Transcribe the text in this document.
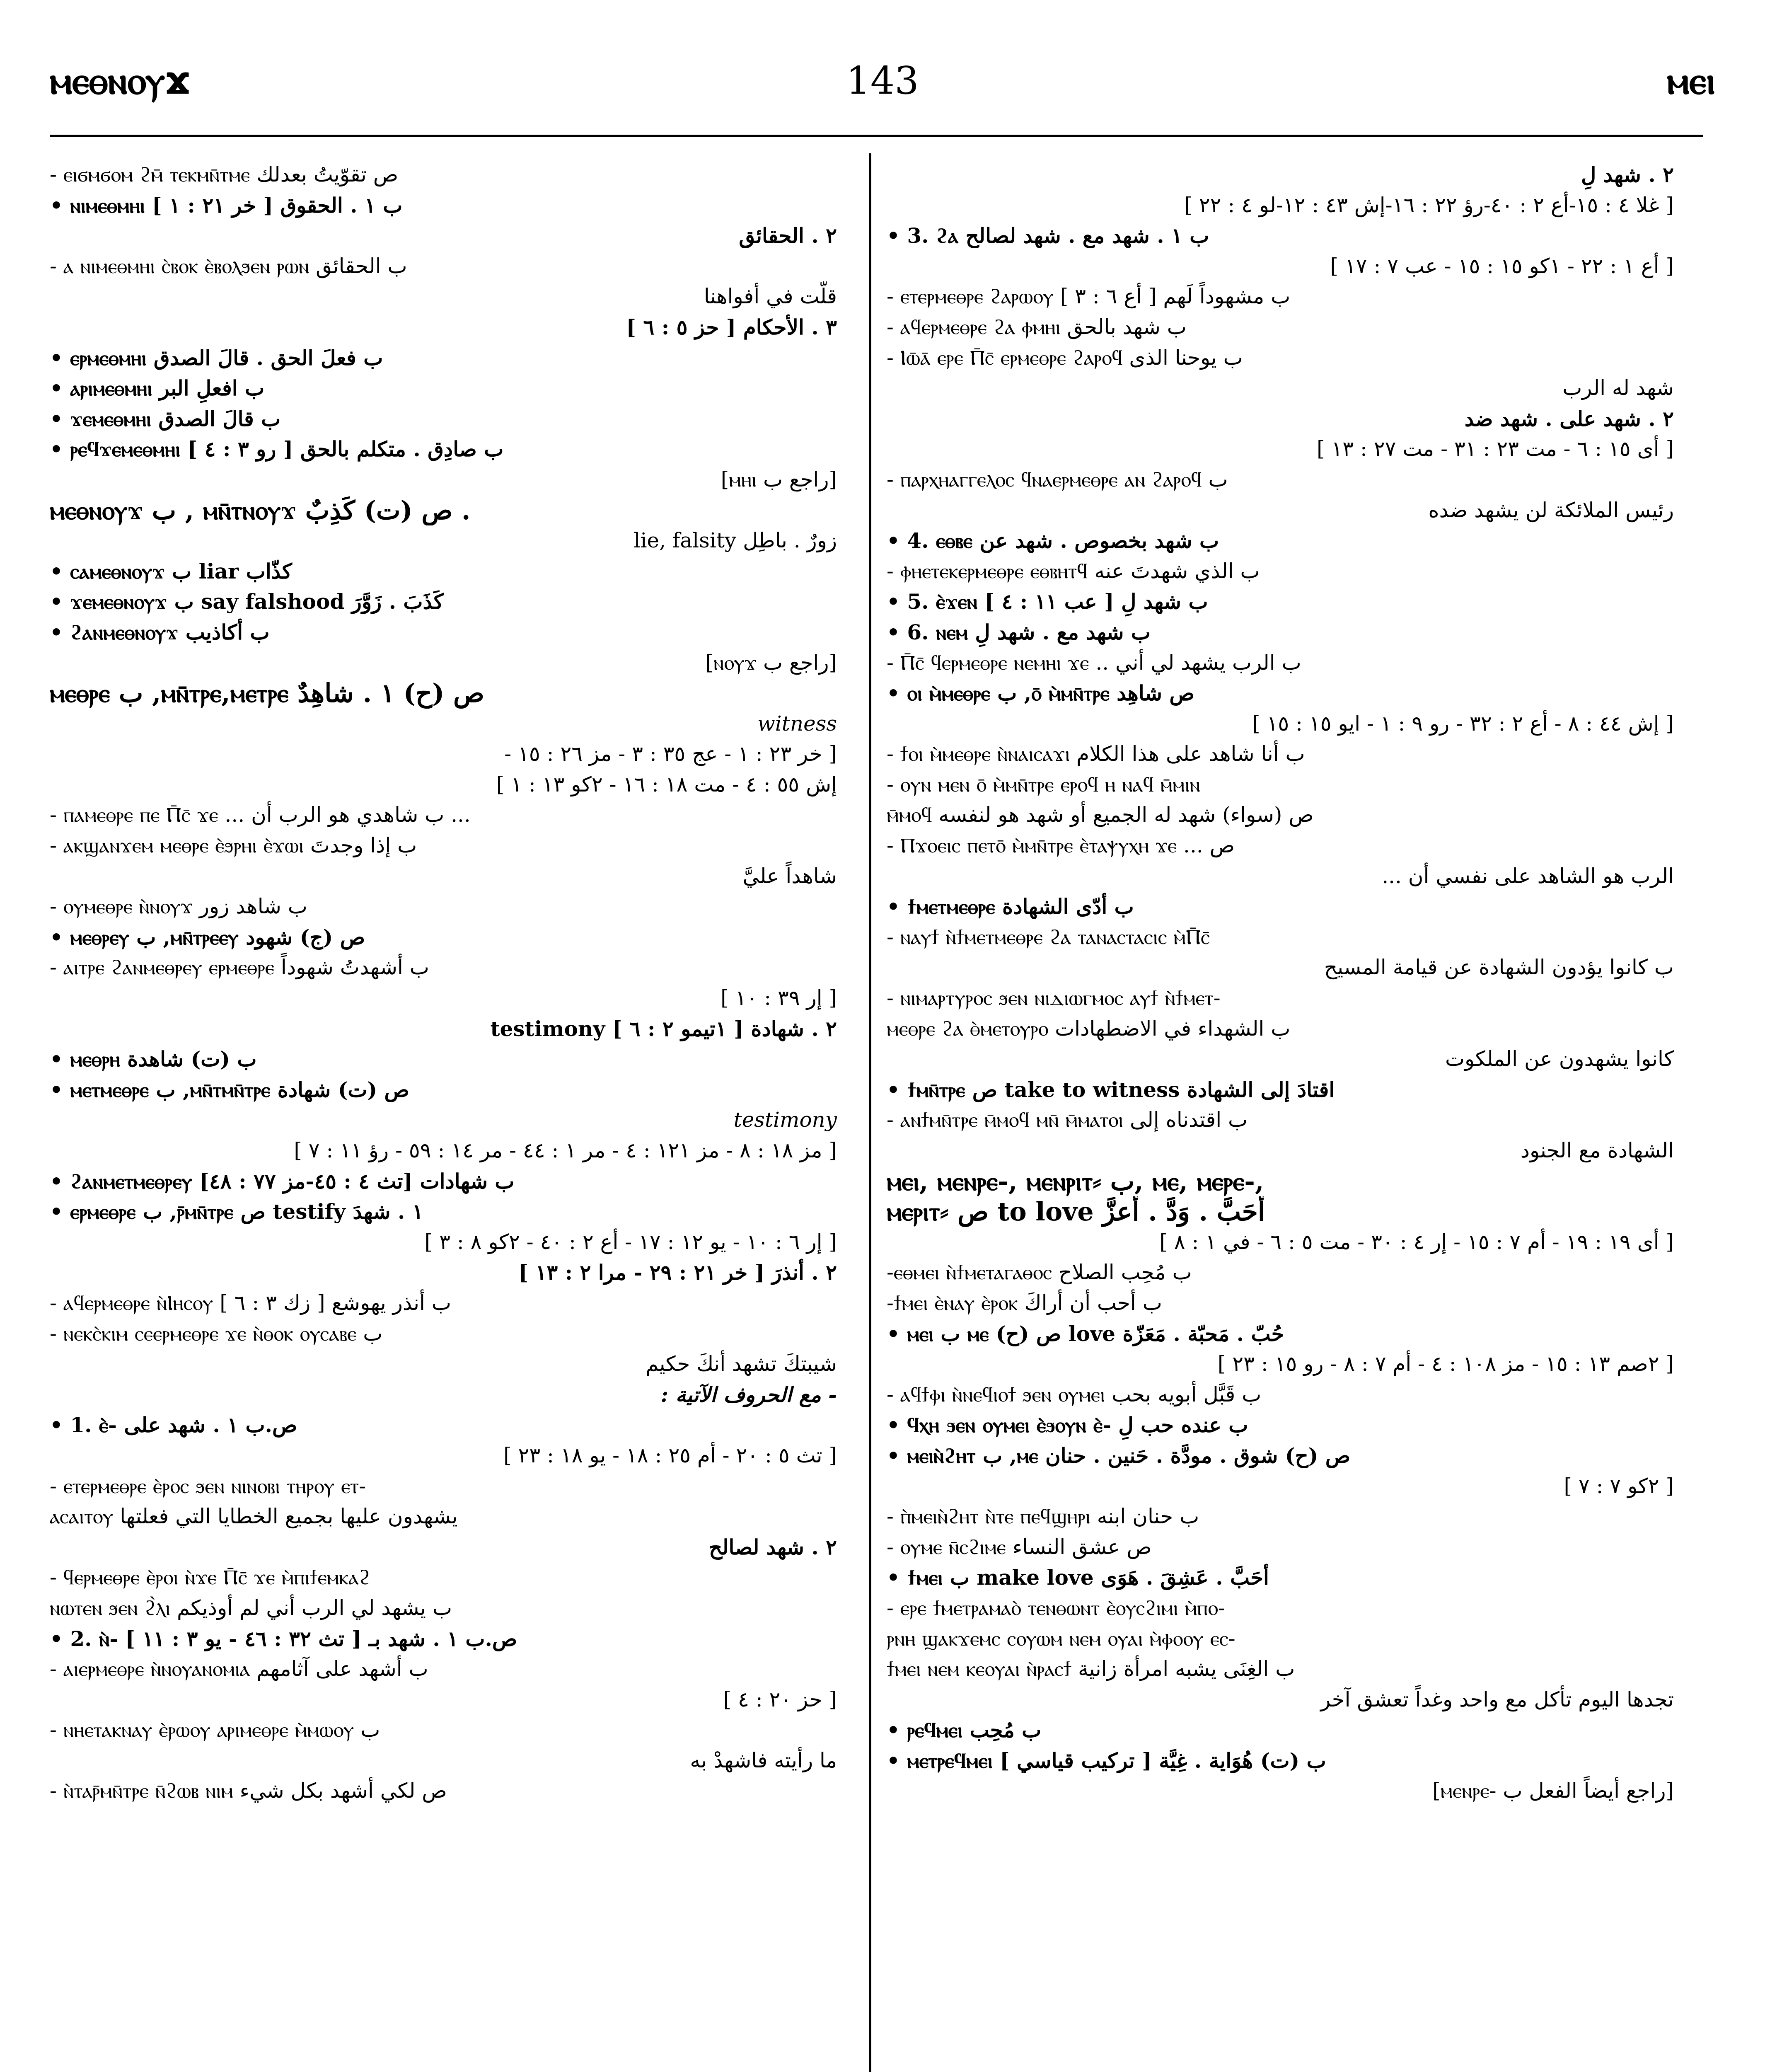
ⲙⲉⲑⲛⲟⲩϫ	143	ⲙⲉⲓ
- ⲉⲓϭⲙϭⲟⲙ ϩⲙ̄ ⲧⲉⲕⲙⲛ̄ⲧⲙⲉ ص تقوّيتُ بعدلك
• ⲛⲓⲙⲉⲑⲙⲏⲓ ب ١ . الحقوق [ خر ٢١ : ١ ]
٢ . الحقائق
- ⲁ ⲛⲓⲙⲉⲑⲙⲏⲓ ⲥ̀ⲃⲟⲕ ⲉ̀ⲃⲟⲗϧⲉⲛ ⲣⲱⲛ ب الحقائق
قلَّت في أفواهنا
٣ . الأحكام [ حز ٥ : ٦ ]
• ⲉⲣⲙⲉⲑⲙⲏⲓ ب فعلَ الحق . قالَ الصدق
• ⲁⲣⲓⲙⲉⲑⲙⲏⲓ ب افعلِ البر
• ϫⲉⲙⲉⲑⲙⲏⲓ ب قالَ الصدق
• ⲣⲉϥϫⲉⲙⲉⲑⲙⲏⲓ ب صادِق . متكلم بالحق [ رو ٣ : ٤ ]
[ⲙⲏⲓ راجع ب]
ⲙⲉⲑⲛⲟⲩϫ ب , ⲙⲛ̄ⲧⲛⲟⲩϫ ص (ت) كَذِبٌ .
lie, falsity زورٌ . باطِل
• ⲥⲁⲙⲉⲑⲛⲟⲩϫ ب liar كذّاب
• ϫⲉⲙⲉⲑⲛⲟⲩϫ ب say falshood كَذَبَ . زَوَّرَ
• ϩⲁⲛⲙⲉⲑⲛⲟⲩϫ ب أكاذيب
[ⲛⲟⲩϫ راجع ب]
ⲙⲉⲑⲣⲉ ب ,ⲙⲛ̄ⲧⲣⲉ,ⲙⲉⲧⲣⲉ ص (ح) ١ . شاهِدٌ
witness
[ خر ٢٣ : ١ - عج ٣٥ : ٣ - مز ٢٦ : ١٥ -
إش ٥٥ : ٤ - مت ١٨ : ١٦ - ٢كو ١٣ : ١ ]
- ⲡⲁⲙⲉⲑⲣⲉ ⲡⲉ Ⲡ̄ⲥ̄ ϫⲉ ... ب شاهدي هو الرب أن ...
- ⲁⲕϣⲁⲛϫⲉⲙ ⲙⲉⲑⲣⲉ ⲉ̀ϧⲣⲏⲓ ⲉ̀ϫⲱⲓ ب إذا وجدتَ
شاهداً عليَّ
- ⲟⲩⲙⲉⲑⲣⲉ ⲛ̀ⲛⲟⲩϫ ب شاهد زور
• ⲙⲉⲑⲣⲉⲩ ب ,ⲙⲛ̄ⲧⲣⲉⲉⲩ ص (ج) شهود
- ⲁⲓⲧⲣⲉ ϩⲁⲛⲙⲉⲑⲣⲉⲩ ⲉⲣⲙⲉⲑⲣⲉ ب أشهدتُ شهوداً
[ إر ٣٩ : ١٠ ]
testimony [ ١تيمو ٢ : ٦ ] ٢ . شهادة
• ⲙⲉⲑⲣⲏ ب (ت) شاهدة
• ⲙⲉⲧⲙⲉⲑⲣⲉ ب ,ⲙⲛ̄ⲧⲙⲛ̄ⲧⲣⲉ ص (ت) شهادة
testimony
[ مز ١٨ : ٨ - مز ١٢١ : ٤ - مر ١ : ٤٤ - مر ١٤ : ٥٩ - رؤ ١١ : ٧ ]
• ϩⲁⲛⲙⲉⲧⲙⲉⲑⲣⲉⲩ ب شهادات [تث ٤ : ٤٥-مز ٧٧ : ٤٨]
• ⲉⲣⲙⲉⲑⲣⲉ ب ,ⲣ̄ⲙⲛ̄ⲧⲣⲉ ص testify ١ . شهدَ
[ إر ٦ : ١٠ - يو ١٢ : ١٧ - أع ٢ : ٤٠ - ٢كو ٨ : ٣ ]
٢ . أنذرَ [ خر ٢١ : ٢٩ - مرا ٢ : ١٣ ]
- ⲁϥⲉⲣⲙⲉⲑⲣⲉ ⲛ̀Ⲓⲏⲥⲟⲩ ب أنذر يهوشع [ زك ٣ : ٦ ]
- ⲛⲉⲕⲥ̀ⲕⲓⲙ ⲥⲉⲉⲣⲙⲉⲑⲣⲉ ϫⲉ ⲛ̀ⲑⲟⲕ ⲟⲩⲥⲁⲃⲉ ب
شيبتكَ تشهد أنكَ حكيم
- مع الحروف الآتية :
• 1. ⲉ̀- ص.ب ١ . شهد على
[ تث ٥ : ٢٠ - أم ٢٥ : ١٨ - يو ١٨ : ٢٣ ]
- ⲉⲧⲉⲣⲙⲉⲑⲣⲉ ⲉ̀ⲣⲟⲥ ϧⲉⲛ ⲛⲓⲛⲟⲃⲓ ⲧⲏⲣⲟⲩ ⲉⲧ-
ⲁⲥⲁⲓⲧⲟⲩ يشهدون عليها بجميع الخطايا التي فعلتها
٢ . شهد لصالح
- ϥⲉⲣⲙⲉⲑⲣⲉ ⲉ̀ⲣⲟⲓ ⲛ̀ϫⲉ Ⲡ̄ⲥ̄ ϫⲉ ⲙ̀ⲡⲓϯⲉⲙⲕⲁϩ
ⲛⲱⲧⲉⲛ ϧⲉⲛ ϩ̀ⲗⲓ ب يشهد لي الرب أني لم أوذيكم
• 2. ⲛ̀- ص.ب ١ . شهد بـ [ تث ٣٢ : ٤٦ - يو ٣ : ١١ ]
- ⲁⲓⲉⲣⲙⲉⲑⲣⲉ ⲛ̀ⲛⲟⲩⲁⲛⲟⲙⲓⲁ ب أشهد على آثامهم
[ حز ٢٠ : ٤ ]
- ⲛⲏⲉⲧⲁⲕⲛⲁⲩ ⲉ̀ⲣⲱⲟⲩ ⲁⲣⲓⲙⲉⲑⲣⲉ ⲙ̀ⲙⲱⲟⲩ ب
ما رأيته فاشهدْ به
- ⲛ̀ⲧⲁⲣ̄ⲙⲛ̄ⲧⲣⲉ ⲛ̄ϩⲱⲃ ⲛⲓⲙ ص لكي أشهد بكل شيء
٢ . شهد لِ
[ غلا ٤ : ١٥-أع ٢ : ٤٠-رؤ ٢٢ : ١٦-إش ٤٣ : ١٢-لو ٤ : ٢٢ ]
• 3. ϩⲁ ب ١ . شهد مع . شهد لصالح
[ أع ١ : ٢٢ - ١كو ١٥ : ١٥ - عب ٧ : ١٧ ]
- ⲉⲧⲉⲣⲙⲉⲑⲣⲉ ϩⲁⲣⲱⲟⲩ ب مشهوداً لَهم [ أع ٦ : ٣ ]
- ⲁϥⲉⲣⲙⲉⲑⲣⲉ ϩⲁ ⲫⲙⲏⲓ ب شهد بالحق
- Ⲓⲱ̄ⲁ̄ ⲉⲣⲉ Ⲡ̄ⲥ̄ ⲉⲣⲙⲉⲑⲣⲉ ϩⲁⲣⲟϥ ب يوحنا الذى
شهد له الرب
٢ . شهد على . شهد ضد
[ أى ١٥ : ٦ - مت ٢٣ : ٣١ - مت ٢٧ : ١٣ ]
- ⲡⲁⲣⲭⲏⲁⲅⲅⲉⲗⲟⲥ ϥⲛⲁⲉⲣⲙⲉⲑⲣⲉ ⲁⲛ ϩⲁⲣⲟϥ ب
رئيس الملائكة لن يشهد ضده
• 4. ⲉⲑⲃⲉ ب شهد بخصوص . شهد عن
- ⲫⲏⲉⲧⲉⲕⲉⲣⲙⲉⲑⲣⲉ ⲉⲑⲃⲏⲧϥ ب الذي شهدتَ عنه
• 5. ⲉ̀ϫⲉⲛ ب شهد لِ [ عب ١١ : ٤ ]
• 6. ⲛⲉⲙ ب شهد مع . شهد لِ
- Ⲡ̄ⲥ̄ ϥⲉⲣⲙⲉⲑⲣⲉ ⲛⲉⲙⲏⲓ ϫⲉ .. ب الرب يشهد لي أني
• ⲟⲓ ⲙ̀ⲙⲉⲑⲣⲉ ب ,ⲟ̄ ⲙ̀ⲙⲛ̄ⲧⲣⲉ ص شاهِد
[ إش ٤٤ : ٨ - أع ٢ : ٣٢ - رو ٩ : ١ - ايو ١٥ : ١٥ ]
- ϯⲟⲓ ⲙ̀ⲙⲉⲑⲣⲉ ⲛ̀ⲛⲁⲓⲥⲁϫⲓ ب أنا شاهد على هذا الكلام
- ⲟⲩⲛ ⲙⲉⲛ ⲟ̄ ⲙ̀ⲙⲛ̄ⲧⲣⲉ ⲉⲣⲟϥ ⲏ ⲛⲁϥ ⲙ̄ⲙⲓⲛ
ⲙ̄ⲙⲟϥ ص (سواء) شهد له الجميع أو شهد هو لنفسه
- Ⲡϫⲟⲉⲓⲥ ⲡⲉⲧⲟ̄ ⲙ̀ⲙⲛ̄ⲧⲣⲉ ⲉ̀ⲧⲁⲯⲩⲭⲏ ϫⲉ ... ص
الرب هو الشاهد على نفسي أن ...
• ϯⲙⲉⲧⲙⲉⲑⲣⲉ ب أدّى الشهادة
- ⲛⲁⲩϯ ⲛ̀ϯⲙⲉⲧⲙⲉⲑⲣⲉ ϩⲁ ⲧⲁⲛⲁⲥⲧⲁⲥⲓⲥ ⲙ̀Ⲡ̄ⲥ̄
ب كانوا يؤدون الشهادة عن قيامة المسيح
- ⲛⲓⲙⲁⲣⲧⲩⲣⲟⲥ ϧⲉⲛ ⲛⲓⲇⲓⲱⲅⲙⲟⲥ ⲁⲩϯ ⲛ̀ϯⲙⲉⲧ-
ⲙⲉⲑⲣⲉ ϩⲁ ⲑ̀ⲙⲉⲧⲟⲩⲣⲟ ب الشهداء في الاضطهادات
كانوا يشهدون عن الملكوت
• ϯⲙⲛ̄ⲧⲣⲉ ص take to witness اقتادَ إلى الشهادة
- ⲁⲛϯⲙⲛ̄ⲧⲣⲉ ⲙ̄ⲙⲟϥ ⲙⲛ̄ ⲙ̄ⲙⲁⲧⲟⲓ ب اقتدناه إلى
الشهادة مع الجنود
ⲙⲉⲓ, ⲙⲉⲛⲣⲉ-, ⲙⲉⲛⲣⲓⲧ⸗ ب, ⲙⲉ, ⲙⲉⲣⲉ-,
ⲙⲉⲣⲓⲧ⸗ ص to love أحَبَّ . وَدَّ . أعزَّ
[ أى ١٩ : ١٩ - أم ٧ : ١٥ - إر ٤ : ٣٠ - مت ٥ : ٦ - في ١ : ٨ ]
-ⲉⲑⲙⲉⲓ ⲛ̀ϯⲙⲉⲧⲁⲅⲁⲑⲟⲥ ب مُحِب الصلاح
-ϯⲙⲉⲓ ⲉ̀ⲛⲁⲩ ⲉ̀ⲣⲟⲕ ب أحب أن أراكَ
• ⲙⲉⲓ ب ⲙⲉ ص (ح) love حُبّ . مَحبّة . مَعَزّة
[ ٢صم ١٣ : ١٥ - مز ١٠٨ : ٤ - أم ٧ : ٨ - رو ١٥ : ٢٣ ]
- ⲁϥϯⲫⲓ ⲛ̀ⲛⲉϥⲓⲟϯ ϧⲉⲛ ⲟⲩⲙⲉⲓ ب قَبَّل أبويه بحب
• ϥⲭⲏ ϧⲉⲛ ⲟⲩⲙⲉⲓ ⲉ̀ϧⲟⲩⲛ ⲉ̀- ب عنده حب لِ
• ⲙⲉⲓⲛ̀ϩⲏⲧ ب ,ⲙⲉ ص (ح) شوق . مودَّة . حَنين . حنان
[ ٢كو ٧ : ٧ ]
- ⲡ̀ⲙⲉⲓⲛ̀ϩⲏⲧ ⲛ̀ⲧⲉ ⲡⲉϥϣⲏⲣⲓ ب حنان ابنه
- ⲟⲩⲙⲉ ⲛ̄ⲥϩⲓⲙⲉ ص عشق النساء
• ϯⲙⲉⲓ ب make love أحَبَّ . عَشِقَ . هَوَى
- ⲉⲣⲉ ϯⲙⲉⲧⲣⲁⲙⲁⲟ̀ ⲧⲉⲛⲑⲱⲛⲧ ⲉ̀ⲟⲩⲥϩⲓⲙⲓ ⲙ̀ⲡⲟ-
ⲣⲛⲏ ϣⲁⲕϫⲉⲙⲥ ⲥⲟⲩⲱⲙ ⲛⲉⲙ ⲟⲩⲁⲓ ⲙ̀ⲫⲟⲟⲩ ⲉⲥ-
ϯⲙⲉⲓ ⲛⲉⲙ ⲕⲉⲟⲩⲁⲓ ⲛ̀ⲣⲁⲥϯ ب الغِنَى يشبه امرأة زانية
تجدها اليوم تأكل مع واحد وغداً تعشق آخر
• ⲣⲉϥⲙⲉⲓ ب مُحِب
• ⲙⲉⲧⲣⲉϥⲙⲉⲓ ب (ت) هُوَاية . غِيَّة [ تركيب قياسي ]
[ⲙⲉⲛⲣⲉ- راجع أيضاً الفعل ب]
